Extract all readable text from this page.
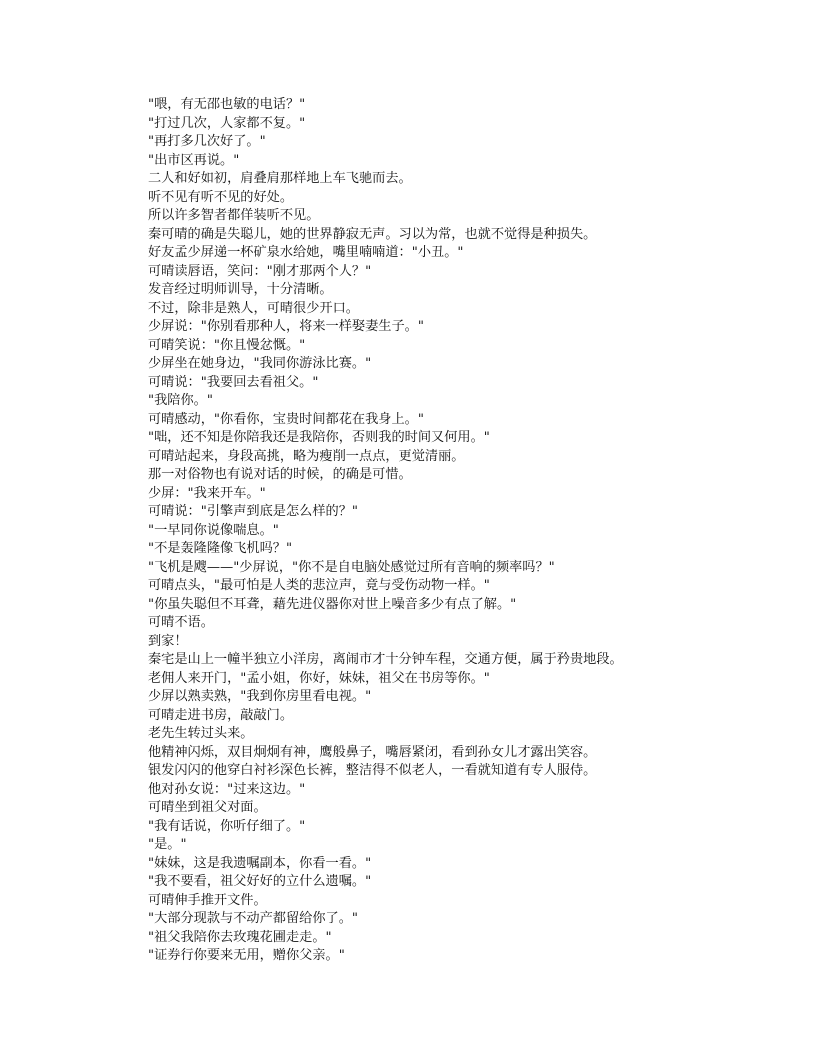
"喂，有无邵也敏的电话？"
"打过几次，人家都不复。"
"再打多几次好了。"
"出市区再说。"
二人和好如初，肩叠肩那样地上车飞驰而去。
听不见有听不见的好处。
所以许多智者都佯装听不见。
秦可晴的确是失聪儿，她的世界静寂无声。习以为常，也就不觉得是种损失。
好友孟少屏递一杯矿泉水给她，嘴里喃喃道："小丑。"
可晴读唇语，笑问："刚才那两个人？"
发音经过明师训导，十分清晰。
不过，除非是熟人，可晴很少开口。
少屏说："你别看那种人，将来一样娶妻生子。"
可晴笑说："你且慢忿慨。"
少屏坐在她身边，"我同你游泳比赛。"
可晴说："我要回去看祖父。"
"我陪你。"
可晴感动，"你看你，宝贵时间都花在我身上。"
"咄，还不知是你陪我还是我陪你，否则我的时间又何用。"
可晴站起来，身段高挑，略为瘦削一点点，更觉清丽。
那一对俗物也有说对话的时候，的确是可惜。
少屏："我来开车。"
可晴说："引擎声到底是怎么样的？"
"一早同你说像喘息。"
"不是轰隆隆像飞机吗？"
"飞机是飕——"少屏说，"你不是自电脑处感觉过所有音响的频率吗？"
可晴点头，"最可怕是人类的悲泣声，竟与受伤动物一样。"
"你虽失聪但不耳聋，藉先进仪器你对世上噪音多少有点了解。"
可晴不语。
到家！
秦宅是山上一幢半独立小洋房，离闹市才十分钟车程，交通方便，属于矜贵地段。
老佣人来开门，"孟小姐，你好，妹妹，祖父在书房等你。"
少屏以熟卖熟，"我到你房里看电视。"
可晴走进书房，敲敲门。
老先生转过头来。
他精神闪烁，双目炯炯有神，鹰般鼻子，嘴唇紧闭，看到孙女儿才露出笑容。
银发闪闪的他穿白衬衫深色长裤，整洁得不似老人，一看就知道有专人服侍。
他对孙女说："过来这边。"
可晴坐到祖父对面。
"我有话说，你听仔细了。"
"是。"
"妹妹，这是我遗嘱副本，你看一看。"
"我不要看，祖父好好的立什么遗嘱。"
可晴伸手推开文件。
"大部分现款与不动产都留给你了。"
"祖父我陪你去玫瑰花圃走走。"
"证券行你要来无用，赠你父亲。"
